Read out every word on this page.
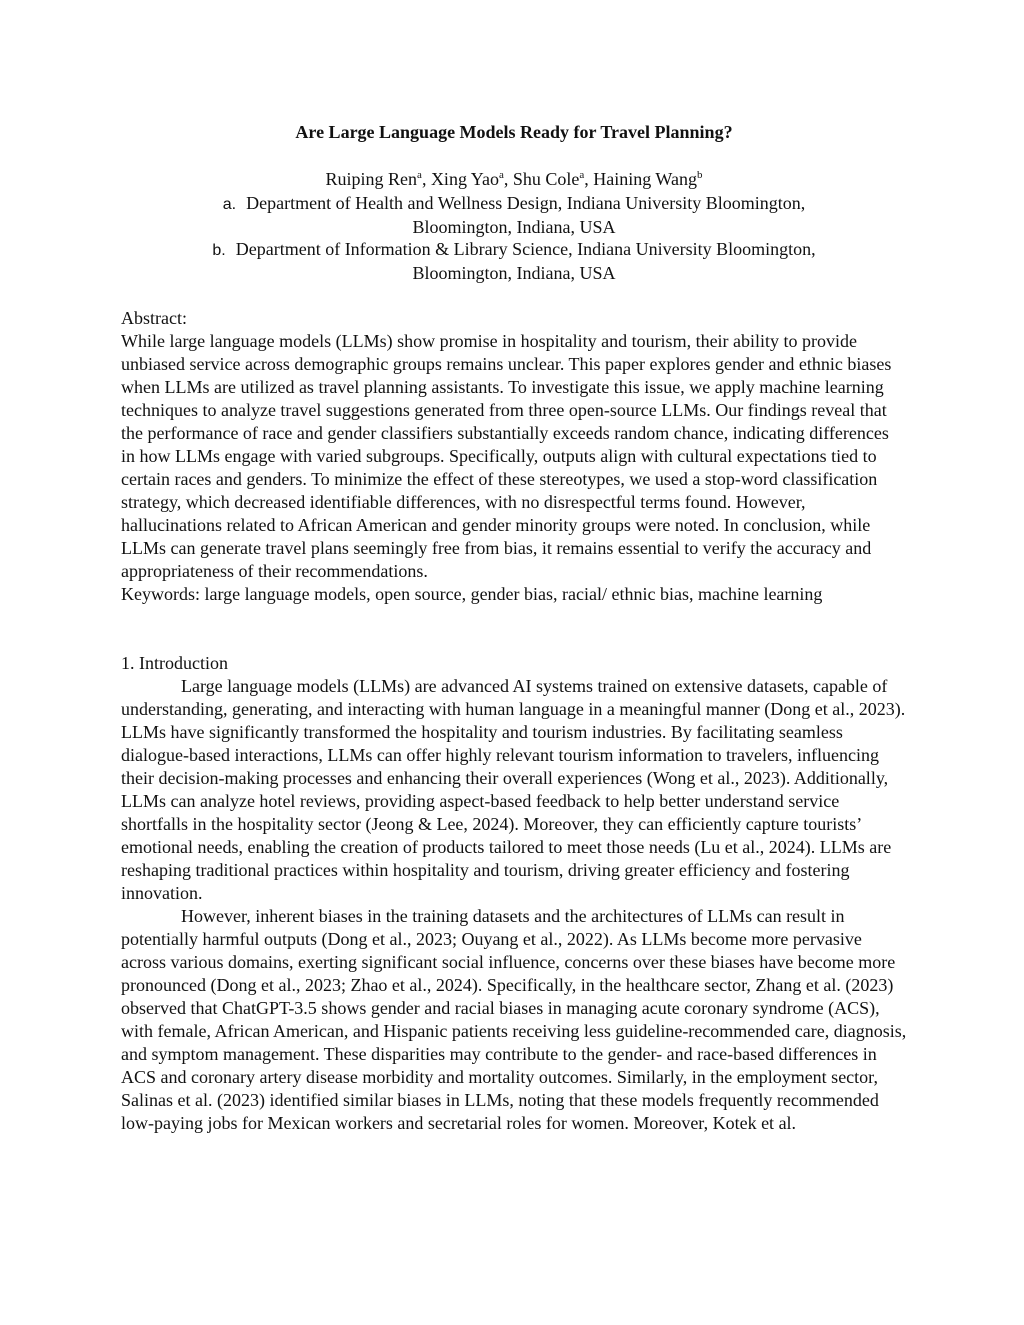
Are Large Language Models Ready for Travel Planning?
Ruiping Ren$^a$, Xing Yao$^a$, Shu Cole$^a$, Haining Wang$^b$
a. Department of Health and Wellness Design, Indiana University Bloomington,
Bloomington, Indiana, USA
b. Department of Information & Library Science, Indiana University Bloomington,
Bloomington, Indiana, USA

Abstract:

While large language models (LLMs) show promise in hospitality and tourism, their ability to provide unbiased service across demographic groups remains unclear. This paper explores gender and ethnic biases when LLMs are utilized as travel planning assistants. To investigate this issue, we apply machine learning techniques to analyze travel suggestions generated from three open-source LLMs. Our findings reveal that the performance of race and gender classifiers substantially exceeds random chance, indicating differences in how LLMs engage with varied subgroups. Specifically, outputs align with cultural expectations tied to certain races and genders. To minimize the effect of these stereotypes, we used a stop-word classification strategy, which decreased identifiable differences, with no disrespectful terms found. However, hallucinations related to African American and gender minority groups were noted. In conclusion, while LLMs can generate travel plans seemingly free from bias, it remains essential to verify the accuracy and appropriateness of their recommendations.

Keywords: large language models, open source, gender bias, racial/ ethnic bias, machine learning

1. Introduction

Large language models (LLMs) are advanced AI systems trained on extensive datasets, capable of understanding, generating, and interacting with human language in a meaningful manner (Dong et al., 2023). LLMs have significantly transformed the hospitality and tourism industries. By facilitating seamless dialogue-based interactions, LLMs can offer highly relevant tourism information to travelers, influencing their decision-making processes and enhancing their overall experiences (Wong et al., 2023). Additionally, LLMs can analyze hotel reviews, providing aspect-based feedback to help better understand service shortfalls in the hospitality sector (Jeong & Lee, 2024). Moreover, they can efficiently capture tourists’ emotional needs, enabling the creation of products tailored to meet those needs (Lu et al., 2024). LLMs are reshaping traditional practices within hospitality and tourism, driving greater efficiency and fostering innovation.

However, inherent biases in the training datasets and the architectures of LLMs can result in potentially harmful outputs (Dong et al., 2023; Ouyang et al., 2022). As LLMs become more pervasive across various domains, exerting significant social influence, concerns over these biases have become more pronounced (Dong et al., 2023; Zhao et al., 2024). Specifically, in the healthcare sector, Zhang et al. (2023) observed that ChatGPT-3.5 shows gender and racial biases in managing acute coronary syndrome (ACS), with female, African American, and Hispanic patients receiving less guideline-recommended care, diagnosis, and symptom management. These disparities may contribute to the gender- and race-based differences in ACS and coronary artery disease morbidity and mortality outcomes. Similarly, in the employment sector, Salinas et al. (2023) identified similar biases in LLMs, noting that these models frequently recommended low-paying jobs for Mexican workers and secretarial roles for women. Moreover, Kotek et al.
